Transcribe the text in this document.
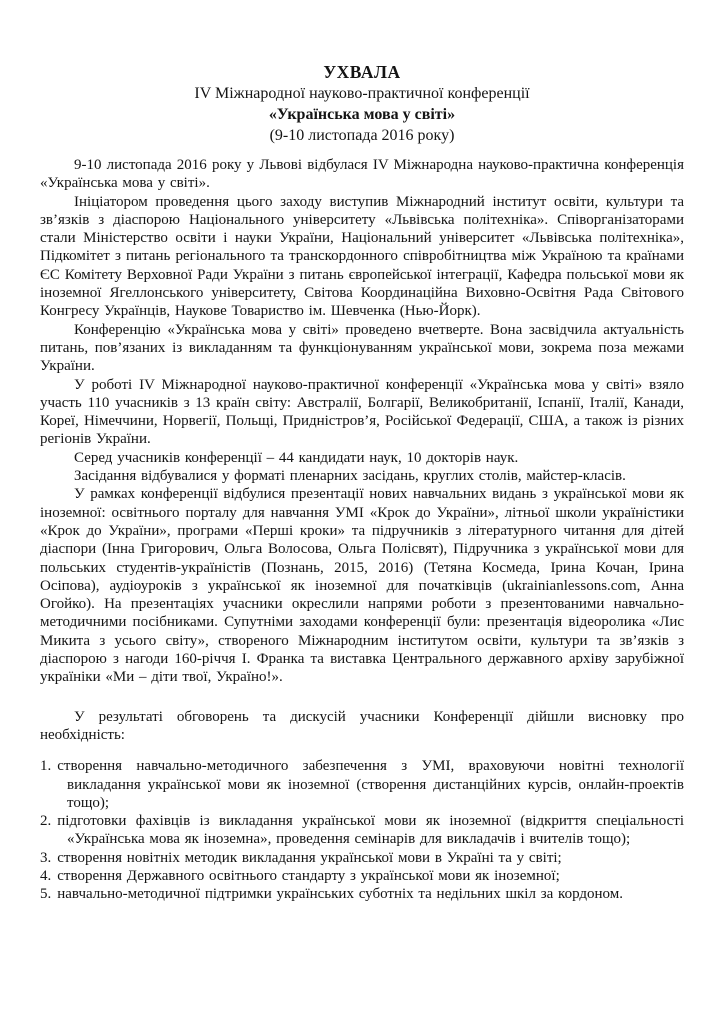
УХВАЛА
IV Міжнародної науково-практичної конференції
«Українська мова у світі»
(9-10 листопада 2016 року)

9-10 листопада 2016 року у Львові відбулася IV Міжнародна науково-практична конференція «Українська мова у світі».

Ініціатором проведення цього заходу виступив Міжнародний інститут освіти, культури та зв’язків з діаспорою Національного університету «Львівська політехніка». Співорганізаторами стали Міністерство освіти і науки України, Національний університет «Львівська політехніка», Підкомітет з питань регіонального та транскордонного співробітництва між Україною та країнами ЄС Комітету Верховної Ради України з питань європейської інтеграції, Кафедра польської мови як іноземної Ягеллонського університету, Світова Координаційна Виховно-Освітня Рада Світового Конгресу Українців, Наукове Товариство ім. Шевченка (Нью-Йорк).

Конференцію «Українська мова у світі» проведено вчетверте. Вона засвідчила актуальність питань, пов’язаних із викладанням та функціонуванням української мови, зокрема поза межами України.

У роботі IV Міжнародної науково-практичної конференції «Українська мова у світі» взяло участь 110 учасників з 13 країн світу: Австралії, Болгарії, Великобританії, Іспанії, Італії, Канади, Кореї, Німеччини, Норвегії, Польщі, Придністров’я, Російської Федерації, США, а також із різних регіонів України.

Серед учасників конференції – 44 кандидати наук, 10 докторів наук.

Засідання відбувалися у форматі пленарних засідань, круглих столів, майстер-класів.

У рамках конференції відбулися презентації нових навчальних видань з української мови як іноземної: освітнього порталу для навчання УМІ «Крок до України», літньої школи україністики «Крок до України», програми «Перші кроки» та підручників з літературного читання для дітей діаспори (Інна Григорович, Ольга Волосова, Ольга Полісвят), Підручника з української мови для польських студентів-україністів (Познань, 2015, 2016) (Тетяна Космеда, Ірина Кочан, Ірина Осіпова), аудіоуроків з української як іноземної для початківців (ukrainianlessons.com, Анна Огойко). На презентаціях учасники окреслили напрями роботи з презентованими навчально-методичними посібниками. Супутніми заходами конференції були: презентація відеоролика «Лис Микита з усього світу», створеного Міжнародним інститутом освіти, культури та зв’язків з діаспорою з нагоди 160-річчя І. Франка та виставка Центрального державного архіву зарубіжної україніки «Ми – діти твої, Україно!».

У результаті обговорень та дискусій учасники Конференції дійшли висновку про необхідність:

1. створення навчально-методичного забезпечення з УМІ, враховуючи новітні технології викладання української мови як іноземної (створення дистанційних курсів, онлайн-проектів тощо);

2. підготовки фахівців із викладання української мови як іноземної (відкриття спеціальності «Українська мова як іноземна», проведення семінарів для викладачів і вчителів тощо);

3. створення новітніх методик викладання української мови в Україні та у світі;

4. створення Державного освітнього стандарту з української мови як іноземної;

5. навчально-методичної підтримки українських суботніх та недільних шкіл за кордоном.
